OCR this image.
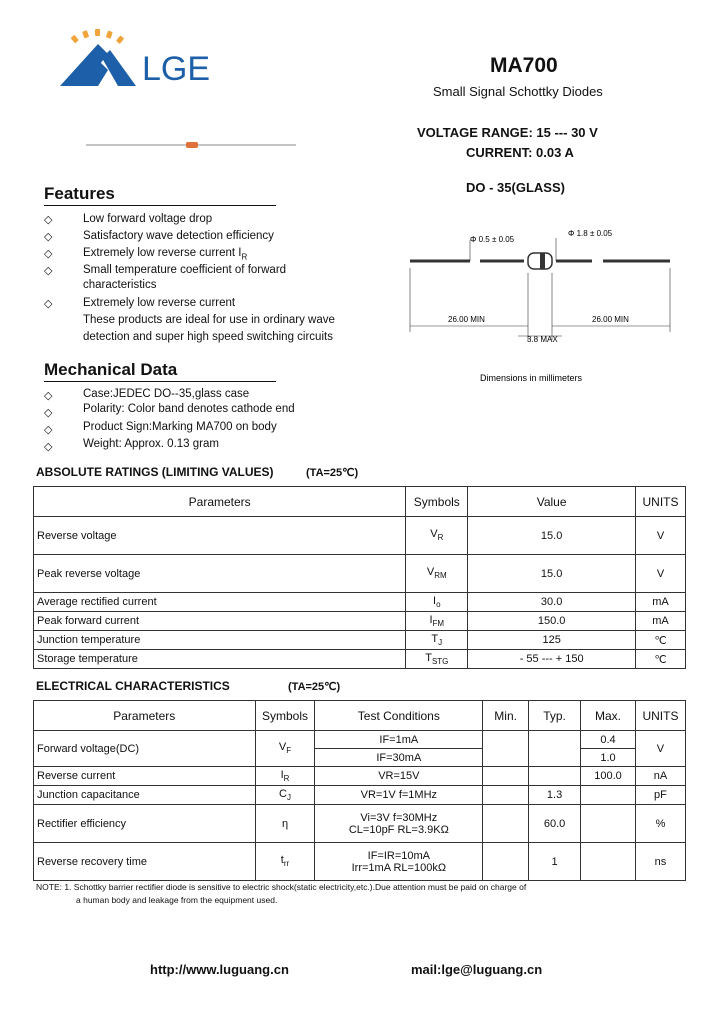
LGE	MA700
Small Signal Schottky Diodes
VOLTAGE RANGE: 15 --- 30 V
CURRENT: 0.03 A
DO - 35(GLASS)
Φ 0.5 ± 0.05
Φ 1.8 ± 0.05
26.00 MIN	26.00 MIN
3.8 MAX
Dimensions in millimeters
Features
◇
◇
◇
◇
◇
Low forward voltage drop
Satisfactory wave detection efficiency
Extremely low reverse current $I_R$
Small temperature coefficient of forward
characteristics
Extremely low reverse current
These products are ideal for use in ordinary wave
detection and super high speed switching circuits
Mechanical Data
◇
◇
◇
◇
Case:JEDEC DO--35,glass case
Polarity: Color band denotes cathode end
Product Sign:Marking MA700 on body
Weight: Approx. 0.13 gram
ABSOLUTE RATINGS (LIMITING VALUES)	(TA=25℃)
Parameters	Symbols	Value	UNITS
Reverse voltage	$V_R$	15.0	V
Peak reverse voltage	$V_{RM}$	15.0	V
Average rectified current	$I_o$	30.0	mA
Peak forward current	$I_{FM}$	150.0	mA
Junction temperature	$T_J$	125	℃
Storage temperature	$T_{STG}$	- 55 --- + 150	℃
ELECTRICAL CHARACTERISTICS	(TA=25℃)
Parameters	Symbols	Test Conditions	Min.	Typ.	Max.	UNITS
Forward voltage(DC)	$V_F$	IF=1mA			0.4	V
		IF=30mA			1.0	
Reverse current	$I_R$	VR=15V			100.0	nA
Junction capacitance	$C_J$	VR=1V f=1MHz		1.3		pF
Rectifier efficiency	η	Vi=3V f=30MHz
CL=10pF RL=3.9KΩ		60.0		%
Reverse recovery time	$t_{rr}$	IF=IR=10mA
Irr=1mA RL=100kΩ		1		ns
NOTE: 1. Schottky barrier rectifier diode is sensitive to electric shock(static electricity,etc.).Due attention must be paid on charge of
a human body and leakage from the equipment used.
http://www.luguang.cn	mail:lge@luguang.cn
